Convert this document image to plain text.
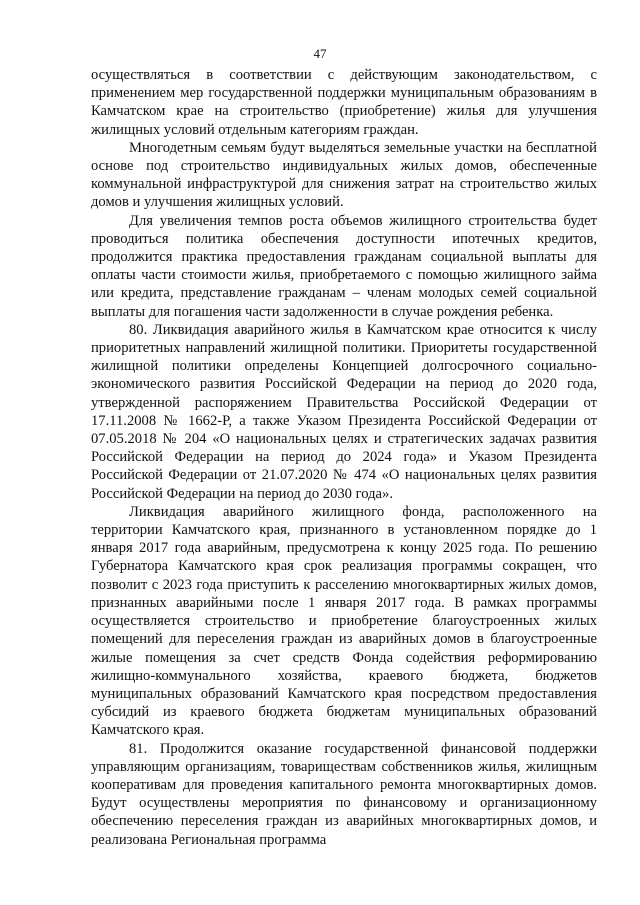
47

осуществляться в соответствии с действующим законодательством, с применением мер государственной поддержки муниципальным образованиям в Камчатском крае на строительство (приобретение) жилья для улучшения жилищных условий отдельным категориям граждан.

Многодетным семьям будут выделяться земельные участки на бесплатной основе под строительство индивидуальных жилых домов, обеспеченные коммунальной инфраструктурой для снижения затрат на строительство жилых домов и улучшения жилищных условий.

Для увеличения темпов роста объемов жилищного строительства будет проводиться политика обеспечения доступности ипотечных кредитов, продолжится практика предоставления гражданам социальной выплаты для оплаты части стоимости жилья, приобретаемого с помощью жилищного займа или кредита, представление гражданам – членам молодых семей социальной выплаты для погашения части задолженности в случае рождения ребенка.

80. Ликвидация аварийного жилья в Камчатском крае относится к числу приоритетных направлений жилищной политики. Приоритеты государственной жилищной политики определены Концепцией долгосрочного социально-экономического развития Российской Федерации на период до 2020 года, утвержденной распоряжением Правительства Российской Федерации от 17.11.2008 № 1662-Р, а также Указом Президента Российской Федерации от 07.05.2018 № 204 «О национальных целях и стратегических задачах развития Российской Федерации на период до 2024 года» и Указом Президента Российской Федерации от 21.07.2020 № 474 «О национальных целях развития Российской Федерации на период до 2030 года».

Ликвидация аварийного жилищного фонда, расположенного на территории Камчатского края, признанного в установленном порядке до 1 января 2017 года аварийным, предусмотрена к концу 2025 года. По решению Губернатора Камчатского края срок реализация программы сокращен, что позволит с 2023 года приступить к расселению многоквартирных жилых домов, признанных аварийными после 1 января 2017 года. В рамках программы осуществляется строительство и приобретение благоустроенных жилых помещений для переселения граждан из аварийных домов в благоустроенные жилые помещения за счет средств Фонда содействия реформированию жилищно-коммунального хозяйства, краевого бюджета, бюджетов муниципальных образований Камчатского края посредством предоставления субсидий из краевого бюджета бюджетам муниципальных образований Камчатского края.

81. Продолжится оказание государственной финансовой поддержки управляющим организациям, товариществам собственников жилья, жилищным кооперативам для проведения капитального ремонта многоквартирных домов. Будут осуществлены мероприятия по финансовому и организационному обеспечению переселения граждан из аварийных многоквартирных домов, и реализована Региональная программа
